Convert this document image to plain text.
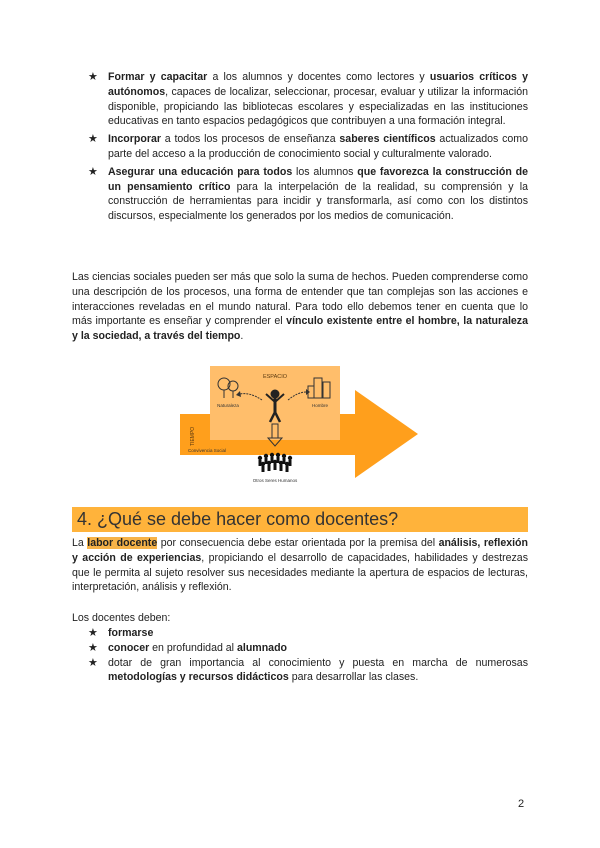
★ Formar y capacitar a los alumnos y docentes como lectores y usuarios críticos y autónomos, capaces de localizar, seleccionar, procesar, evaluar y utilizar la información disponible, propiciando las bibliotecas escolares y especializadas en las instituciones educativas en tanto espacios pedagógicos que contribuyen a una formación integral.
★ Incorporar a todos los procesos de enseñanza saberes científicos actualizados como parte del acceso a la producción de conocimiento social y culturalmente valorado.
★ Asegurar una educación para todos los alumnos que favorezca la construcción de un pensamiento crítico para la interpelación de la realidad, su comprensión y la construcción de herramientas para incidir y transformarla, así como con los distintos discursos, especialmente los generados por los medios de comunicación.

Las ciencias sociales pueden ser más que solo la suma de hechos. Pueden comprenderse como una descripción de los procesos, una forma de entender que tan complejas son las acciones e interacciones reveladas en el mundo natural. Para todo ello debemos tener en cuenta que lo más importante es enseñar y comprender el vínculo existente entre el hombre, la naturaleza y la sociedad, a través del tiempo.

ESPACIO
Naturaleza	Hombre
TIEMPO
Convivencia Social
Otros Seres Humanos
4. ¿Qué se debe hacer como docentes?

La labor docente por consecuencia debe estar orientada por la premisa del análisis, reflexión y acción de experiencias, propiciando el desarrollo de capacidades, habilidades y destrezas que le permita al sujeto resolver sus necesidades mediante la apertura de espacios de lecturas, interpretación, análisis y reflexión.

Los docentes deben:

★ formarse
★ conocer en profundidad al alumnado
★ dotar de gran importancia al conocimiento y puesta en marcha de numerosas metodologías y recursos didácticos para desarrollar las clases.
2
